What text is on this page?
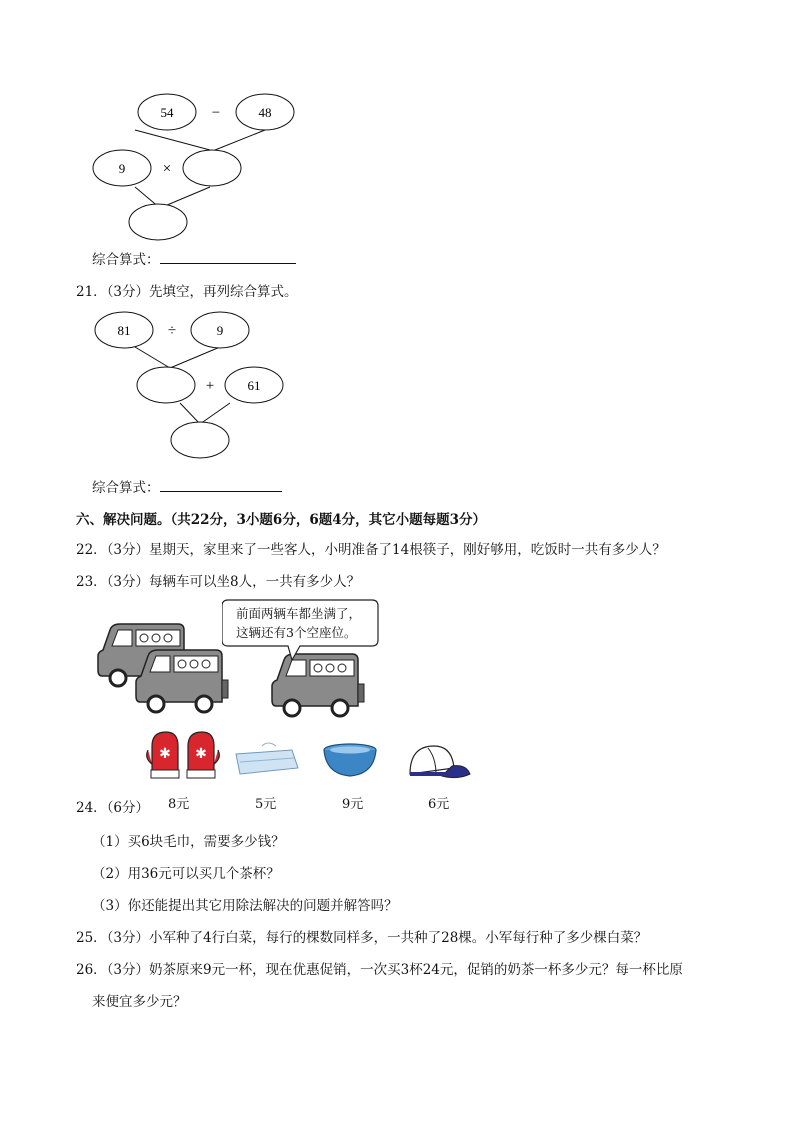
54	−	48
9	×
综合算式：
21．（3分）先填空，再列综合算式。
81 ÷	9
+	61
综合算式：
六、解决问题。（共22分，3小题6分，6题4分，其它小题每题3分）
22．（3分）星期天，家里来了一些客人，小明准备了14根筷子，刚好够用，吃饭时一共有多少人？
23．（3分）每辆车可以坐8人，一共有多少人？
前面两辆车都坐满了，
这辆还有3个空座位。
✱ ✱
24．（6分） 8元	5元	9元	6元
（1）买6块毛巾，需要多少钱？
（2）用36元可以买几个茶杯？
（3）你还能提出其它用除法解决的问题并解答吗？
25．（3分）小军种了4行白菜，每行的棵数同样多，一共种了28棵。小军每行种了多少棵白菜？
26．（3分）奶茶原来9元一杯，现在优惠促销，一次买3杯24元，促销的奶茶一杯多少元？每一杯比原
来便宜多少元？
